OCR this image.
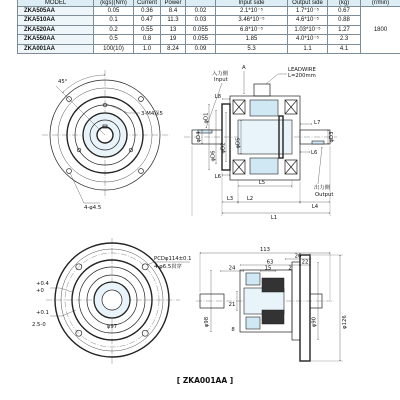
45°
3-M4深5
4-φ4.5
A	LEADWIRE
L=200mm
入力側
Input
φD4
φD1
φD6
φD2 φD5
φD3
L8
L6
L7
L6
L5
L3	L2
L4
L1
出力側
Output
PCDφ114±0.1
4-φ6.5貫穿
+0.4
+0
+0.1
2.5-0	φ97
113
26
63	22
24	15	2
21
8
φ98	φ90	φ126
[ ZKA001AA ]
MODEL	(kgs)(Nm)	Current	Power		Input side	Output side	(kg)	(r/min)
ZKA505AA	0.05	0.36	8.4	0.02	2.1*10⁻⁵	1.7*10⁻⁵	0.67	1800
ZKA510AA	0.1	0.47	11.3	0.03	3.46*10⁻⁵	4.6*10⁻⁵	0.88	
ZKA520AA	0.2	0.55	13	0.055	6.8*10⁻⁵	1.03*10⁻⁵	1.27	
ZKA550AA	0.5	0.8	19	0.055	1.85	4.0*10⁻⁵	2.3	
ZKA001AA	100(10)	1.0	8.24	0.09	5.3	1.1	4.1	
